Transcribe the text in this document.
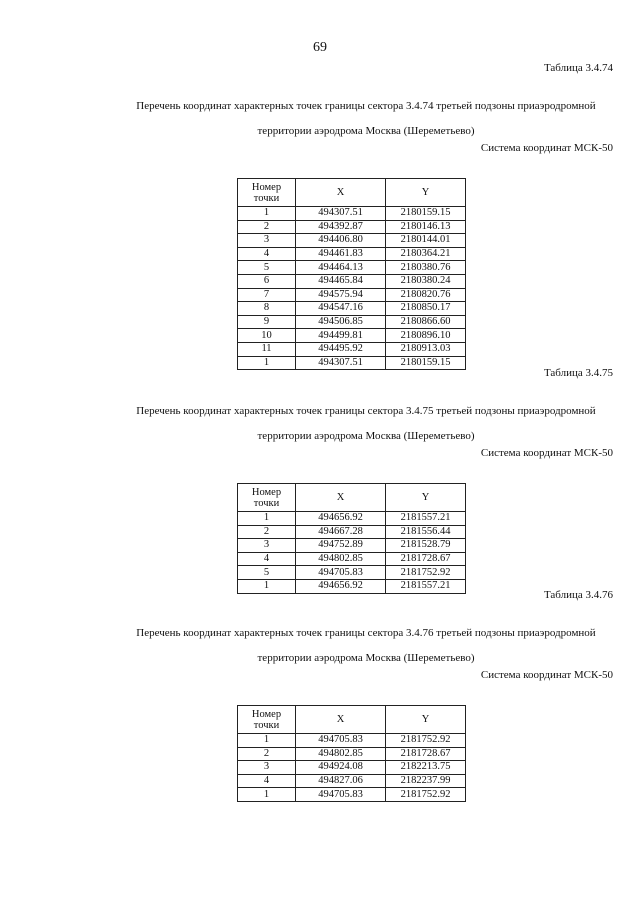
69
Таблица 3.4.74
Перечень координат характерных точек границы сектора 3.4.74 третьей подзоны приаэродромной
территории аэродрома Москва (Шереметьево)
Система координат МСК-50
Номер
точки	X	Y
1	494307.51	2180159.15
2	494392.87	2180146.13
3	494406.80	2180144.01
4	494461.83	2180364.21
5	494464.13	2180380.76
6	494465.84	2180380.24
7	494575.94	2180820.76
8	494547.16	2180850.17
9	494506.85	2180866.60
10	494499.81	2180896.10
11	494495.92	2180913.03
1	494307.51	2180159.15
Таблица 3.4.75
Перечень координат характерных точек границы сектора 3.4.75 третьей подзоны приаэродромной
территории аэродрома Москва (Шереметьево)
Система координат МСК-50
Номер
точки	X	Y
1	494656.92	2181557.21
2	494667.28	2181556.44
3	494752.89	2181528.79
4	494802.85	2181728.67
5	494705.83	2181752.92
1	494656.92	2181557.21
Таблица 3.4.76
Перечень координат характерных точек границы сектора 3.4.76 третьей подзоны приаэродромной
территории аэродрома Москва (Шереметьево)
Система координат МСК-50
Номер
точки	X	Y
1	494705.83	2181752.92
2	494802.85	2181728.67
3	494924.08	2182213.75
4	494827.06	2182237.99
1	494705.83	2181752.92
